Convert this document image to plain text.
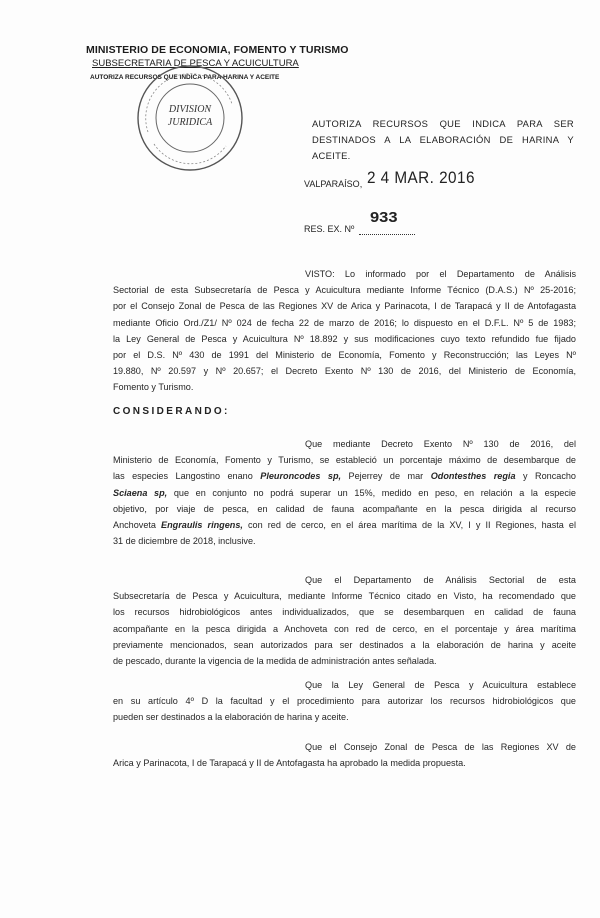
MINISTERIO DE ECONOMIA, FOMENTO Y TURISMO
SUBSECRETARIA DE PESCA Y ACUICULTURA
AUTORIZA RECURSOS QUE INDICA PARA HARINA Y ACEITE
DIVISION
JURIDICA	AUTORIZA RECURSOS QUE INDICA PARA SER
DESTINADOS A LA ELABORACIÓN DE HARINA Y ACEITE.
VALPARAÍSO, 2 4 MAR. 2016
RES. EX. Nº
933
VISTO: Lo informado por el Departamento de Análisis
Sectorial de esta Subsecretaría de Pesca y Acuicultura mediante Informe Técnico (D.A.S.) Nº 25-2016;
por el Consejo Zonal de Pesca de las Regiones XV de Arica y Parinacota, I de Tarapacá y II de Antofagasta
mediante Oficio Ord./Z1/ Nº 024 de fecha 22 de marzo de 2016; lo dispuesto en el D.F.L. Nº 5 de 1983;
la Ley General de Pesca y Acuicultura Nº 18.892 y sus modificaciones cuyo texto refundido fue fijado
por el D.S. Nº 430 de 1991 del Ministerio de Economía, Fomento y Reconstrucción; las Leyes Nº
19.880, Nº 20.597 y Nº 20.657; el Decreto Exento Nº 130 de 2016, del Ministerio de Economía,
Fomento y Turismo.
CONSIDERANDO:
Que mediante Decreto Exento Nº 130 de 2016, del
Ministerio de Economía, Fomento y Turismo, se estableció un porcentaje máximo de desembarque de
las especies Langostino enano Pleuroncodes sp, Pejerrey de mar Odontesthes regia y Roncacho
Sciaena sp, que en conjunto no podrá superar un 15%, medido en peso, en relación a la especie
objetivo, por viaje de pesca, en calidad de fauna acompañante en la pesca dirigida al recurso
Anchoveta Engraulis ringens, con red de cerco, en el área marítima de la XV, I y II Regiones, hasta el
31 de diciembre de 2018, inclusive.
Que el Departamento de Análisis Sectorial de esta
Subsecretaría de Pesca y Acuicultura, mediante Informe Técnico citado en Visto, ha recomendado que
los recursos hidrobiológicos antes individualizados, que se desembarquen en calidad de fauna
acompañante en la pesca dirigida a Anchoveta con red de cerco, en el porcentaje y área marítima
previamente mencionados, sean autorizados para ser destinados a la elaboración de harina y aceite
de pescado, durante la vigencia de la medida de administración antes señalada.
Que la Ley General de Pesca y Acuicultura establece
en su artículo 4º D la facultad y el procedimiento para autorizar los recursos hidrobiológicos que
pueden ser destinados a la elaboración de harina y aceite.
Que el Consejo Zonal de Pesca de las Regiones XV de
Arica y Parinacota, I de Tarapacá y II de Antofagasta ha aprobado la medida propuesta.
